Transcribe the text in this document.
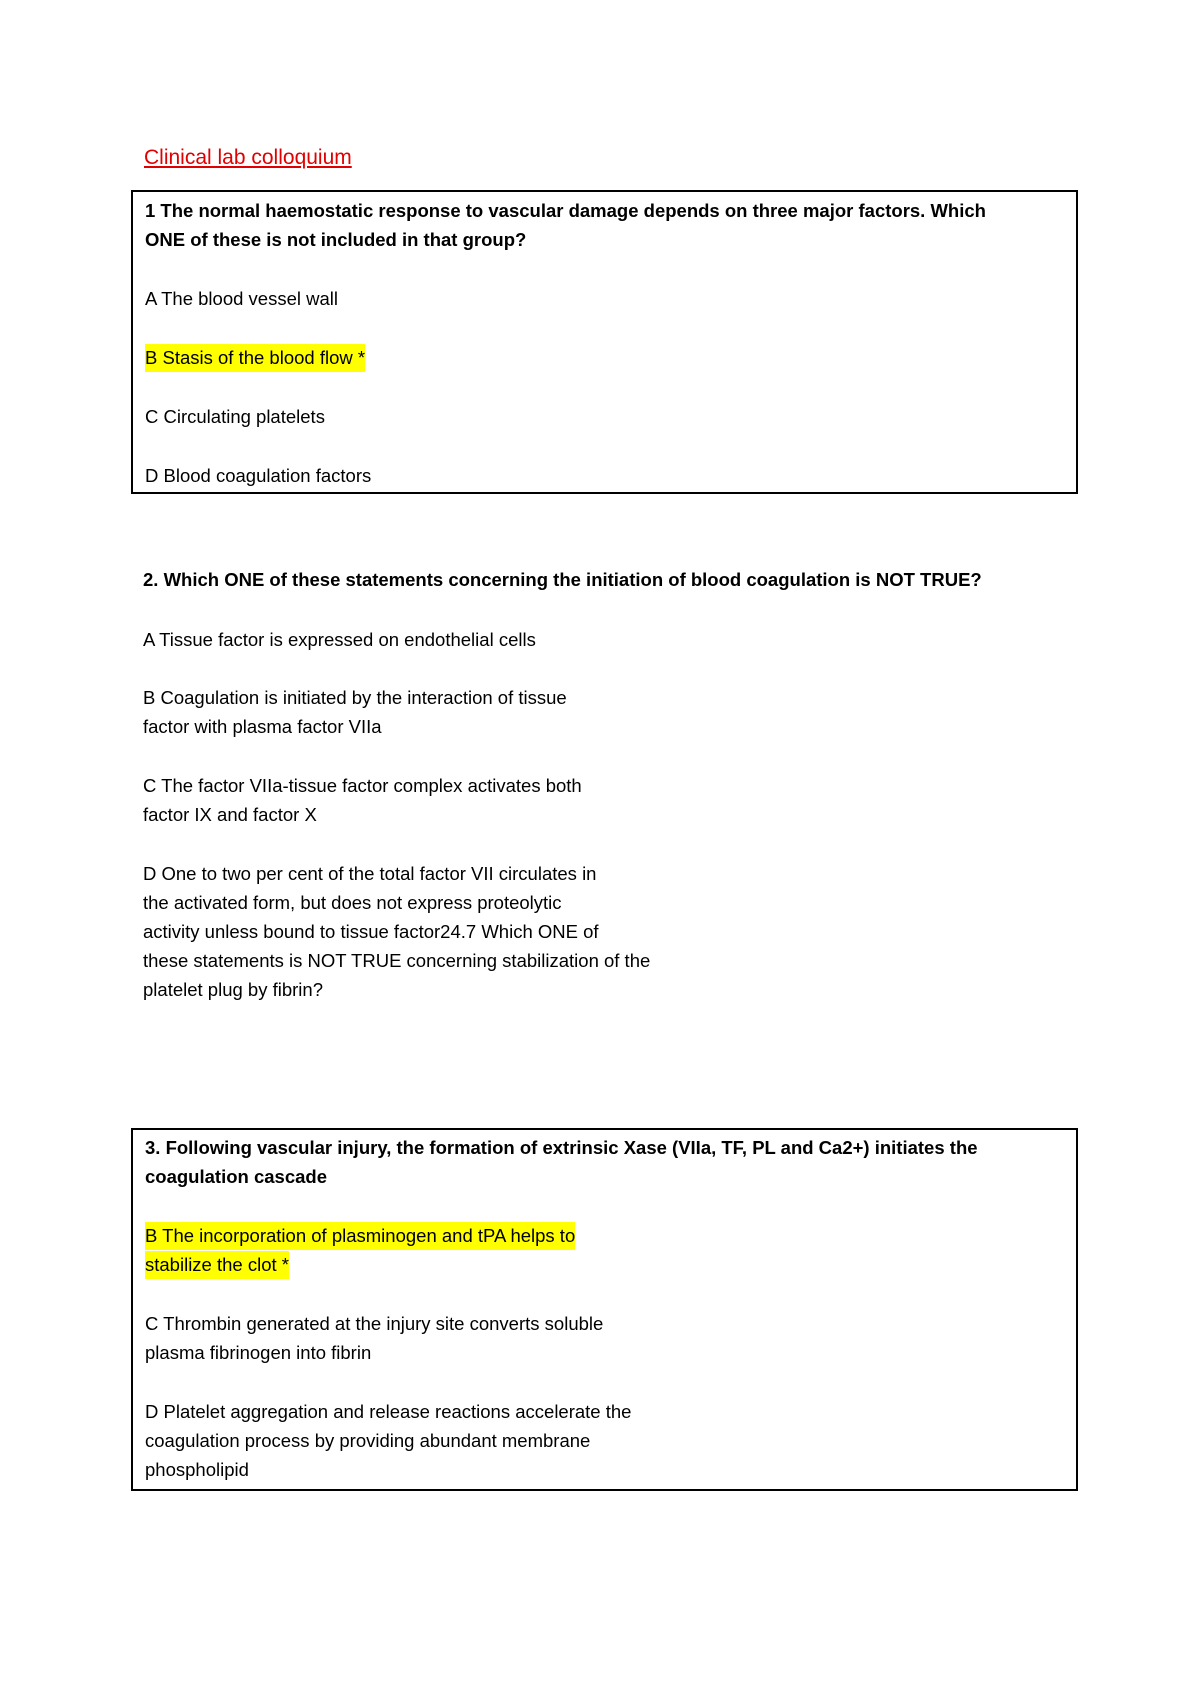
Clinical lab colloquium
1 The normal haemostatic response to vascular damage depends on three major factors. Which
ONE of these is not included in that group?
A The blood vessel wall
B Stasis of the blood flow *
C Circulating platelets
D Blood coagulation factors
2. Which ONE of these statements concerning the initiation of blood coagulation is NOT TRUE?
A Tissue factor is expressed on endothelial cells
B Coagulation is initiated by the interaction of tissue
factor with plasma factor VIIa
C The factor VIIa-tissue factor complex activates both
factor IX and factor X
D One to two per cent of the total factor VII circulates in
the activated form, but does not express proteolytic
activity unless bound to tissue factor24.7 Which ONE of
these statements is NOT TRUE concerning stabilization of the
platelet plug by fibrin?
3. Following vascular injury, the formation of extrinsic Xase (VIIa, TF, PL and Ca2+) initiates the
coagulation cascade
B The incorporation of plasminogen and tPA helps to
stabilize the clot *
C Thrombin generated at the injury site converts soluble
plasma fibrinogen into fibrin
D Platelet aggregation and release reactions accelerate the
coagulation process by providing abundant membrane
phospholipid
